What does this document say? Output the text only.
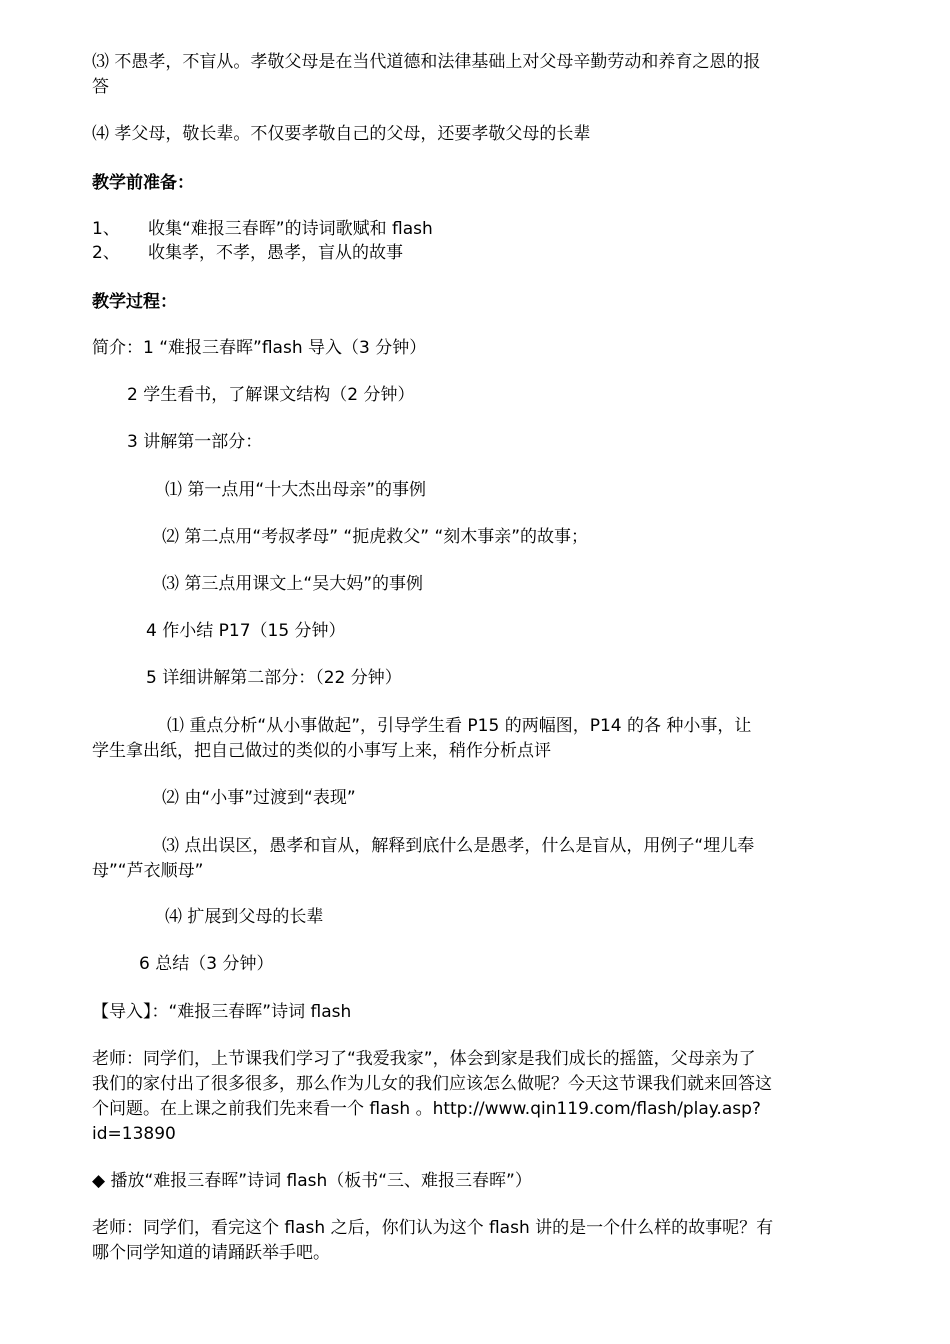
⑶ 不愚孝，不盲从。孝敬父母是在当代道德和法律基础上对父母辛勤劳动和养育之恩的报
答
⑷ 孝父母，敬长辈。不仅要孝敬自己的父母，还要孝敬父母的长辈
教学前准备：
1、 收集“难报三春晖”的诗词歌赋和 flash
2、 收集孝，不孝，愚孝，盲从的故事
教学过程：
简介：1 “难报三春晖”flash 导入（3 分钟）
2 学生看书，了解课文结构（2 分钟）
3 讲解第一部分：
⑴ 第一点用“十大杰出母亲”的事例
⑵ 第二点用“考叔孝母” “扼虎救父” “刻木事亲”的故事；
⑶ 第三点用课文上“吴大妈”的事例
4 作小结 P17（15 分钟）
5 详细讲解第二部分：（22 分钟）
⑴ 重点分析“从小事做起”，引导学生看 P15 的两幅图，P14 的各 种小事，让
学生拿出纸，把自己做过的类似的小事写上来，稍作分析点评
⑵ 由“小事”过渡到“表现”
⑶ 点出误区，愚孝和盲从，解释到底什么是愚孝，什么是盲从，用例子“埋儿奉
母”“芦衣顺母”
⑷ 扩展到父母的长辈
6 总结（3 分钟）
【导入】：“难报三春晖”诗词 flash
老师：同学们，上节课我们学习了“我爱我家”，体会到家是我们成长的摇篮，父母亲为了
我们的家付出了很多很多，那么作为儿女的我们应该怎么做呢？今天这节课我们就来回答这
个问题。在上课之前我们先来看一个 flash 。http://www.qin119.com/flash/play.asp?
id=13890
◆ 播放“难报三春晖”诗词 flash（板书“三、难报三春晖”）
老师：同学们，看完这个 flash 之后，你们认为这个 flash 讲的是一个什么样的故事呢？有
哪个同学知道的请踊跃举手吧。
